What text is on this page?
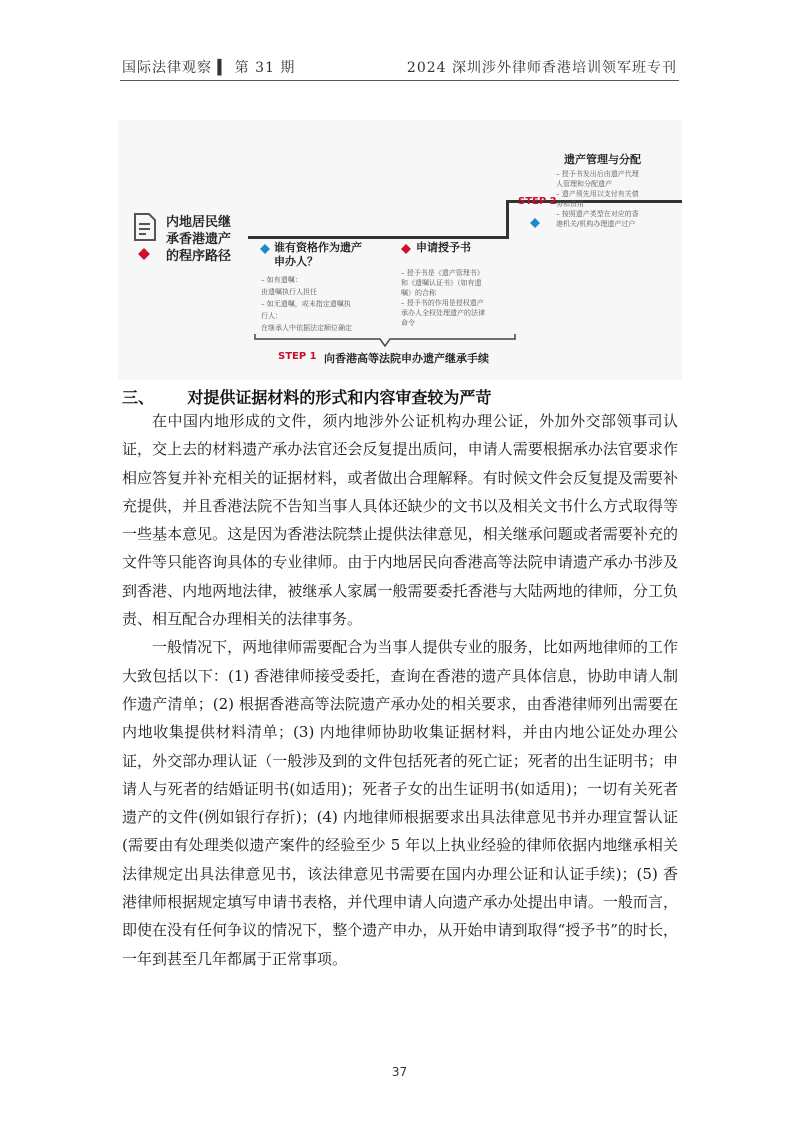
国际法律观察 ▍ 第 31 期	2024 深圳涉外律师香港培训领军班专刊
内地居民继
承香港遗产
的程序路径
谁有资格作为遗产
申办人？
– 如有遗嘱：
由遗嘱执行人担任
– 如无遗嘱，或未指定遗嘱执
行人：
在继承人中依据法定顺位确定
申请授予书
– 授予书是《遗产管理书》
和《遗嘱认证书》（如有遗
嘱）的合称
– 授予书的作用是授权遗产
承办人全权处理遗产的法律
命令
STEP 1 向香港高等法院申办遗产继承手续
STEP 2
遗产管理与分配
– 授予书发出后由遗产代理
人管理和分配遗产
– 遗产须先用以支付有关债
务和费用
– 按照遗产类型在对应的香
港机关/机构办理遗产过户
三、      对提供证据材料的形式和内容审查较为严苛

在中国内地形成的文件，须内地涉外公证机构办理公证，外加外交部领事司认证，交上去的材料遗产承办法官还会反复提出质问，申请人需要根据承办法官要求作相应答复并补充相关的证据材料，或者做出合理解释。有时候文件会反复提及需要补充提供，并且香港法院不告知当事人具体还缺少的文书以及相关文书什么方式取得等一些基本意见。这是因为香港法院禁止提供法律意见，相关继承问题或者需要补充的文件等只能咨询具体的专业律师。由于内地居民向香港高等法院申请遗产承办书涉及到香港、内地两地法律，被继承人家属一般需要委托香港与大陆两地的律师，分工负责、相互配合办理相关的法律事务。

一般情况下，两地律师需要配合为当事人提供专业的服务，比如两地律师的工作大致包括以下：(1) 香港律师接受委托，查询在香港的遗产具体信息，协助申请人制作遗产清单；(2) 根据香港高等法院遗产承办处的相关要求，由香港律师列出需要在内地收集提供材料清单；(3) 内地律师协助收集证据材料，并由内地公证处办理公证，外交部办理认证（一般涉及到的文件包括死者的死亡证；死者的出生证明书；申请人与死者的结婚证明书(如适用)；死者子女的出生证明书(如适用)；一切有关死者遗产的文件(例如银行存折)；(4) 内地律师根据要求出具法律意见书并办理宣誓认证(需要由有处理类似遗产案件的经验至少 5 年以上执业经验的律师依据内地继承相关法律规定出具法律意见书，该法律意见书需要在国内办理公证和认证手续)；(5) 香港律师根据规定填写申请书表格，并代理申请人向遗产承办处提出申请。一般而言，即使在没有任何争议的情况下，整个遗产申办，从开始申请到取得“授予书”的时长，一年到甚至几年都属于正常事项。

37
